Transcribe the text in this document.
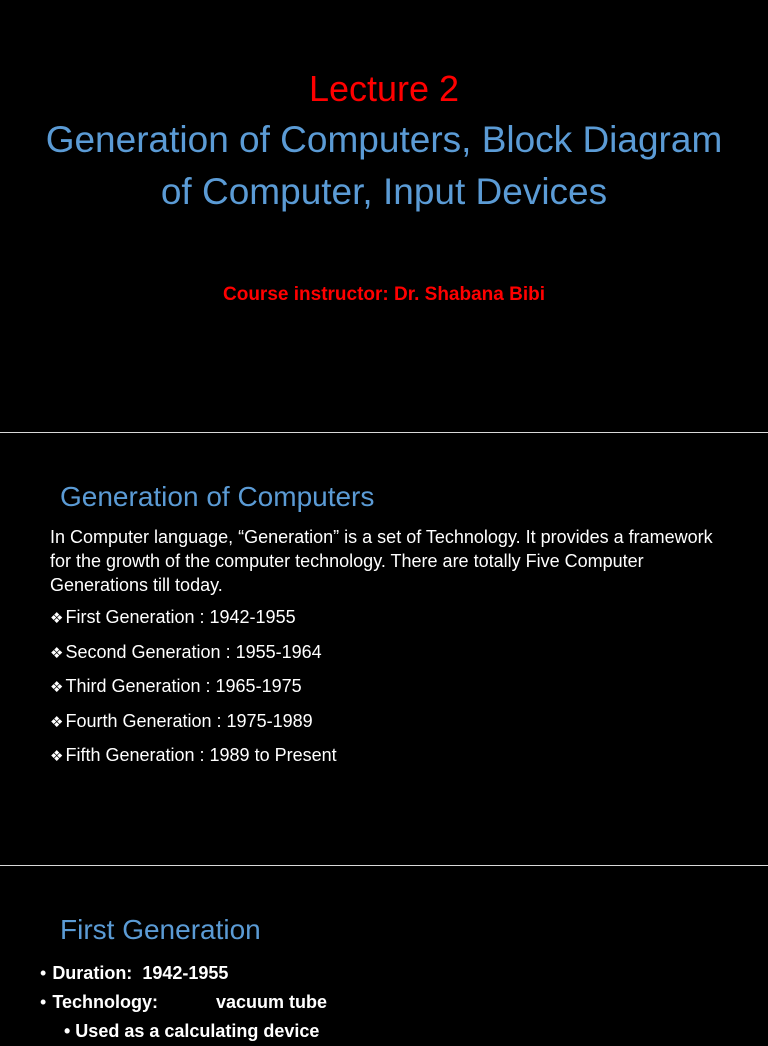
Lecture 2
Generation of Computers, Block Diagram of Computer, Input Devices
Course instructor: Dr. Shabana Bibi
Generation of Computers
In Computer language, “Generation” is a set of Technology. It provides a framework for the growth of the computer technology. There are totally Five Computer Generations till today.
❖ First Generation : 1942-1955
❖ Second Generation : 1955-1964
❖ Third Generation : 1965-1975
❖ Fourth Generation : 1975-1989
❖ Fifth Generation : 1989 to Present
First Generation
• Duration: 1942-1955
• Technology:	vacuum tube
• Used as a calculating device
